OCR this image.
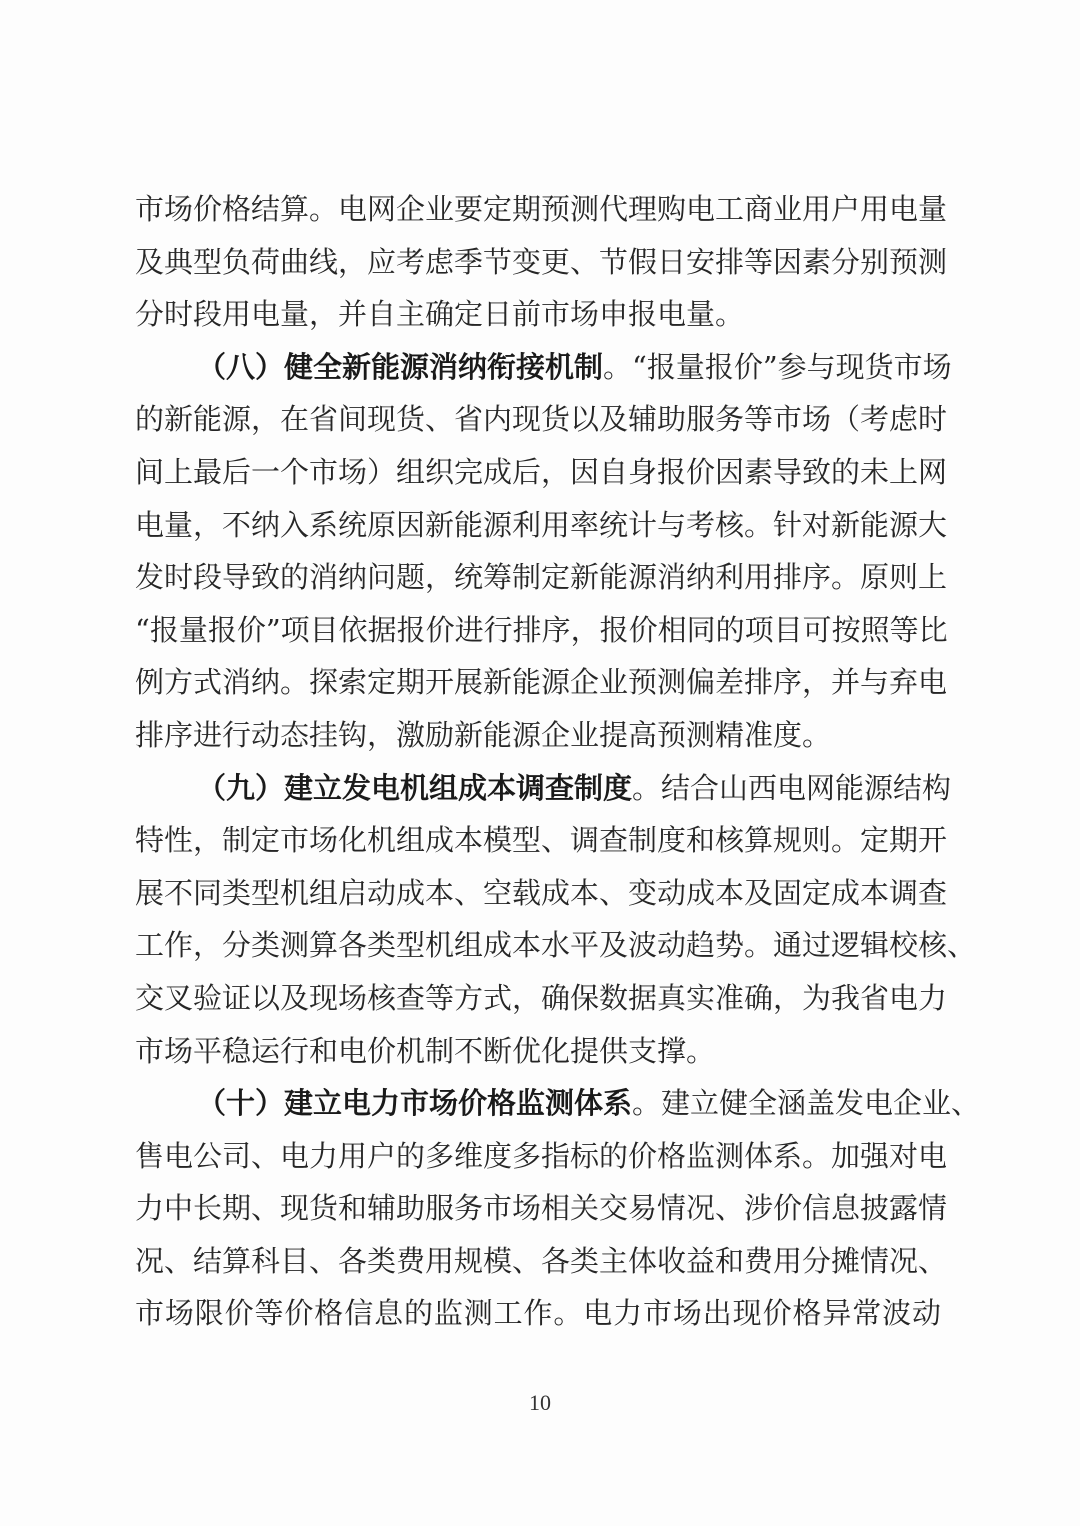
市场价格结算。电网企业要定期预测代理购电工商业用户用电量
及典型负荷曲线，应考虑季节变更、节假日安排等因素分别预测
分时段用电量，并自主确定日前市场申报电量。
（八）健全新能源消纳衔接机制。“报量报价”参与现货市场
的新能源，在省间现货、省内现货以及辅助服务等市场（考虑时
间上最后一个市场）组织完成后，因自身报价因素导致的未上网
电量，不纳入系统原因新能源利用率统计与考核。针对新能源大
发时段导致的消纳问题，统筹制定新能源消纳利用排序。原则上
“报量报价”项目依据报价进行排序，报价相同的项目可按照等比
例方式消纳。探索定期开展新能源企业预测偏差排序，并与弃电
排序进行动态挂钩，激励新能源企业提高预测精准度。
（九）建立发电机组成本调查制度。结合山西电网能源结构
特性，制定市场化机组成本模型、调查制度和核算规则。定期开
展不同类型机组启动成本、空载成本、变动成本及固定成本调查
工作，分类测算各类型机组成本水平及波动趋势。通过逻辑校核、
交叉验证以及现场核查等方式，确保数据真实准确，为我省电力
市场平稳运行和电价机制不断优化提供支撑。
（十）建立电力市场价格监测体系。建立健全涵盖发电企业、
售电公司、电力用户的多维度多指标的价格监测体系。加强对电
力中长期、现货和辅助服务市场相关交易情况、涉价信息披露情
况、结算科目、各类费用规模、各类主体收益和费用分摊情况、
市场限价等价格信息的监测工作。电力市场出现价格异常波动
10
